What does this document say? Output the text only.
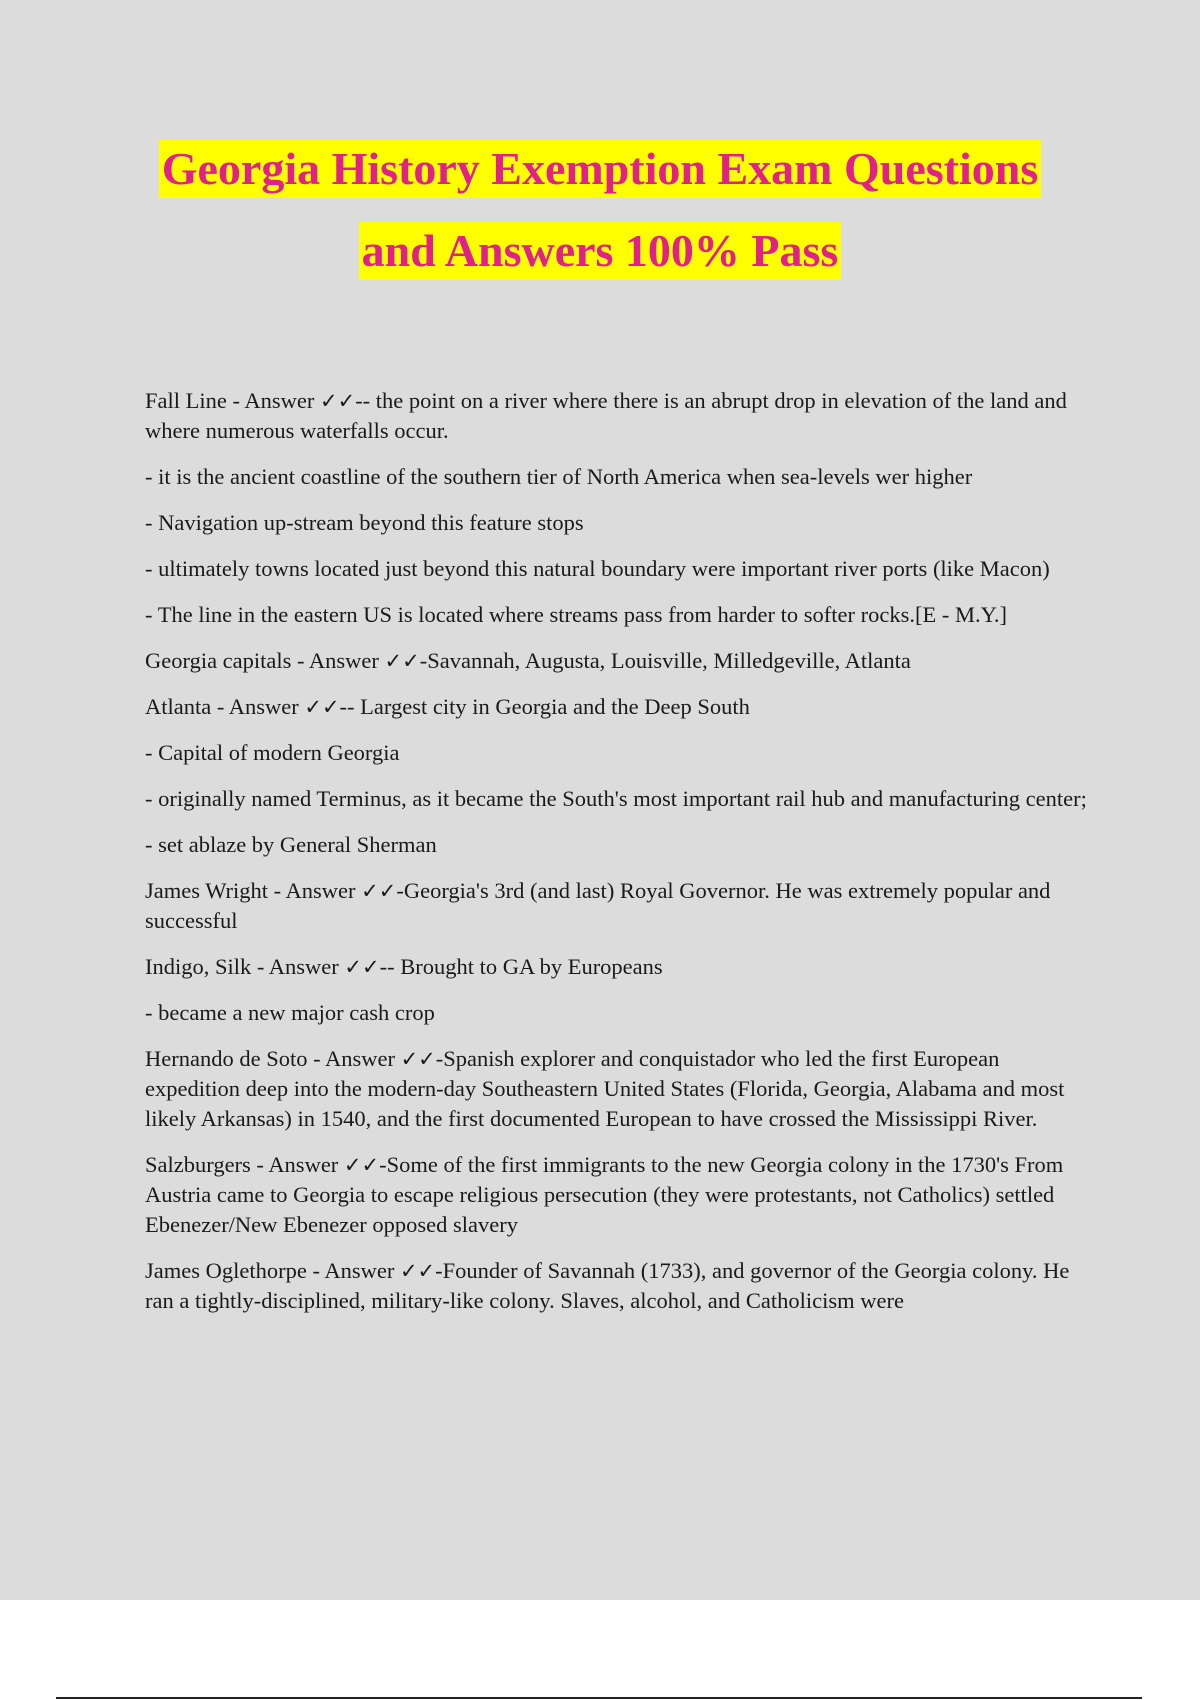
Georgia History Exemption Exam Questions
and Answers 100% Pass

Fall Line - Answer ✓✓-- the point on a river where there is an abrupt drop in elevation of the land and where numerous waterfalls occur.

- it is the ancient coastline of the southern tier of North America when sea-levels wer higher

- Navigation up-stream beyond this feature stops

- ultimately towns located just beyond this natural boundary were important river ports (like Macon)

- The line in the eastern US is located where streams pass from harder to softer rocks.[E - M.Y.]

Georgia capitals - Answer ✓✓-Savannah, Augusta, Louisville, Milledgeville, Atlanta

Atlanta - Answer ✓✓-- Largest city in Georgia and the Deep South

- Capital of modern Georgia

- originally named Terminus, as it became the South's most important rail hub and manufacturing center;

- set ablaze by General Sherman

James Wright - Answer ✓✓-Georgia's 3rd (and last) Royal Governor. He was extremely popular and successful

Indigo, Silk - Answer ✓✓-- Brought to GA by Europeans

- became a new major cash crop

Hernando de Soto - Answer ✓✓-Spanish explorer and conquistador who led the first European expedition deep into the modern-day Southeastern United States (Florida, Georgia, Alabama and most likely Arkansas) in 1540, and the first documented European to have crossed the Mississippi River.

Salzburgers - Answer ✓✓-Some of the first immigrants to the new Georgia colony in the 1730's From Austria came to Georgia to escape religious persecution (they were protestants, not Catholics) settled Ebenezer/New Ebenezer opposed slavery

James Oglethorpe - Answer ✓✓-Founder of Savannah (1733), and governor of the Georgia colony. He ran a tightly-disciplined, military-like colony. Slaves, alcohol, and Catholicism were
